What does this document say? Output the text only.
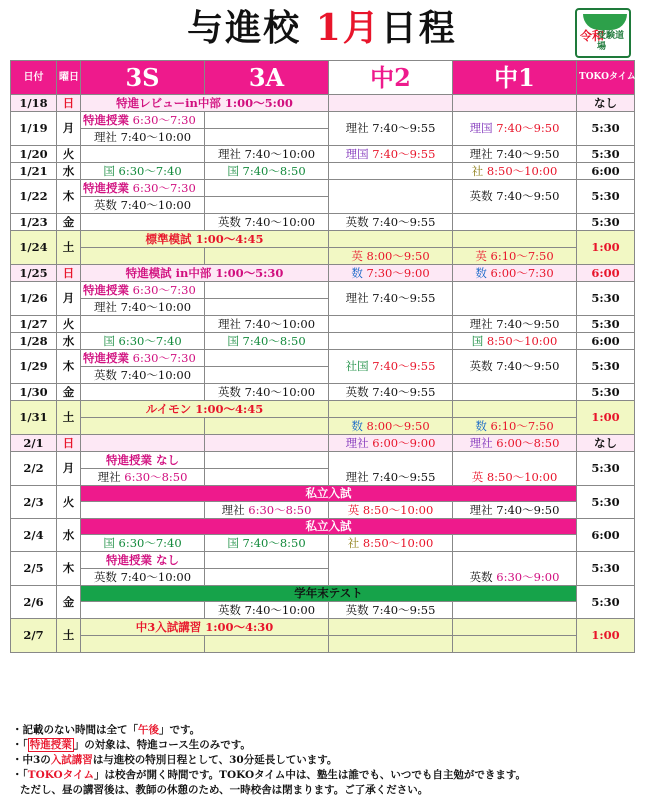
与進校 1月日程	令和
受験道場
日付	曜日	3S	3A	中2	中1	TOKOタイム開始
1/18	日	特進レビューin中部 1:00～5:00				なし
1/19	月	特進授業 6:30～7:30		理社 7:40～9:55	理国 7:40～9:50	5:30
		理社 7:40～10:00				
1/20	火		理社 7:40～10:00	理国 7:40～9:55	理社 7:40～9:50	5:30
1/21	水	国 6:30～7:40	国 7:40～8:50		社 8:50～10:00	6:00
1/22	木	特進授業 6:30～7:30			英数 7:40～9:50	5:30
		英数 7:40～10:00				
1/23	金		英数 7:40～10:00	英数 7:40～9:55		5:30
1/24	土	標準模試 1:00～4:45				1:00
				英 8:00～9:50	英 6:10～7:50	
1/25	日	特進模試 in中部 1:00～5:30		数 7:30～9:00	数 6:00～7:30	6:00
1/26	月	特進授業 6:30～7:30		理社 7:40～9:55		5:30
		理社 7:40～10:00				
1/27	火		理社 7:40～10:00		理社 7:40～9:50	5:30
1/28	水	国 6:30～7:40	国 7:40～8:50		国 8:50～10:00	6:00
1/29	木	特進授業 6:30～7:30		社国 7:40～9:55	英数 7:40～9:50	5:30
		英数 7:40～10:00				
1/30	金		英数 7:40～10:00	英数 7:40～9:55		5:30
1/31	土	ルイモン 1:00～4:45				1:00
				数 8:00～9:50	数 6:10～7:50	
2/1	日			理社 6:00～9:00	理社 6:00～8:50	なし
2/2	月	特進授業 なし		理社 7:40～9:55	英 8:50～10:00	5:30
		理社 6:30～8:50				
2/3	火	私立入試				5:30
			理社 6:30～8:50	英 8:50～10:00	理社 7:40～9:50	
2/4	水	私立入試				6:00
		国 6:30～7:40	国 7:40～8:50	社 8:50～10:00		
2/5	木	特進授業 なし			英数 6:30～9:00	5:30
		英数 7:40～10:00				
2/6	金	学年末テスト				5:30
			英数 7:40～10:00	英数 7:40～9:55		
2/7	土	中3入試講習 1:00～4:30				1:00

・記載のない時間は全て「午後」です。
・「 特進授業 」の対象は、特進コース生のみです。
・中3の入試講習は与進校の特別日程として、30分延長しています。
・「TOKOタイム」は校舎が開く時間です。TOKOタイム中は、塾生は誰でも、いつでも自主勉ができます。
ただし、昼の講習後は、教師の休憩のため、一時校舎は閉まります。ご了承ください。
